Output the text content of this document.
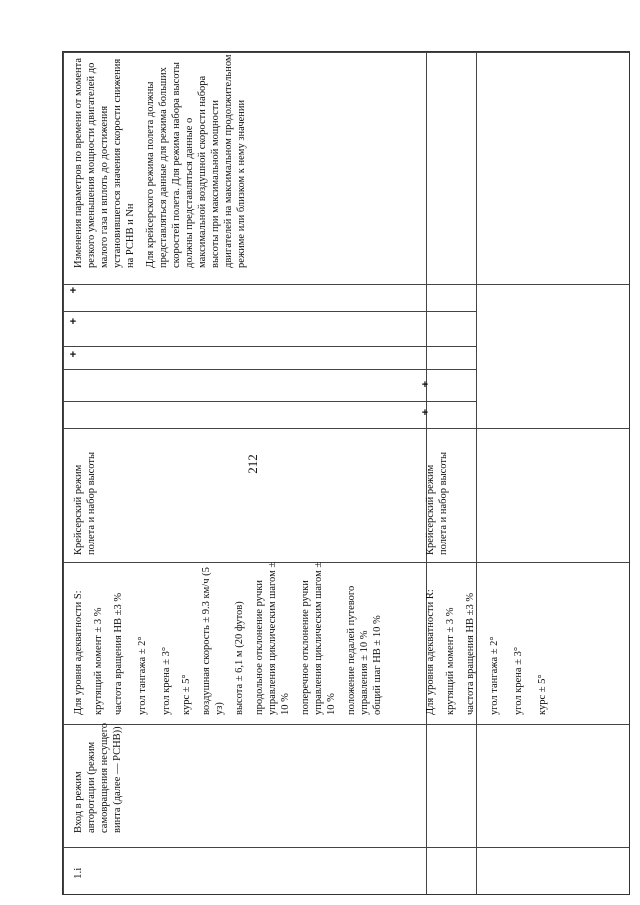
212
1.i

Вход в режим авторотации (режим самовращения несущего винта (далее — РСНВ))

Для уровня адекватности S: крутящий момент ± 3 % частота вращения НВ ±3 % угол тангажа ± 2° угол крена ± 3° курс ± 5° воздушная скорость ± 9.3 км/ч (5 уз) высота ± 6,1 м (20 футов) продольное отклонение ручки управления циклическим шагом ± 10 % поперечное отклонение ручки управления циклическим шагом ± 10 % положение педалей путевого управления ± 10 % общий шаг НВ ± 10 %

Крейсерский режим полета и набор высоты

Для уровня адекватности R: крутящий момент ± 3 % частота вращения НВ ±3 % угол тангажа ± 2° угол крена ± 3° курс ± 5°

Крейсерский режим полета и набор высоты

+
+
+
+
+

Изменения параметров по времени от момента резкого уменьшения мощности двигателей до малого газа и вплоть до достижения установившегося значения скорости снижения на РСНВ и Nн Для крейсерского режима полета должны представляться данные для режима больших скоростей полета. Для режима набора высоты должны представляться данные о максимальной воздушной скорости набора высоты при максимальной мощности двигателей на максимальном продолжительном режиме или близком к нему значении
